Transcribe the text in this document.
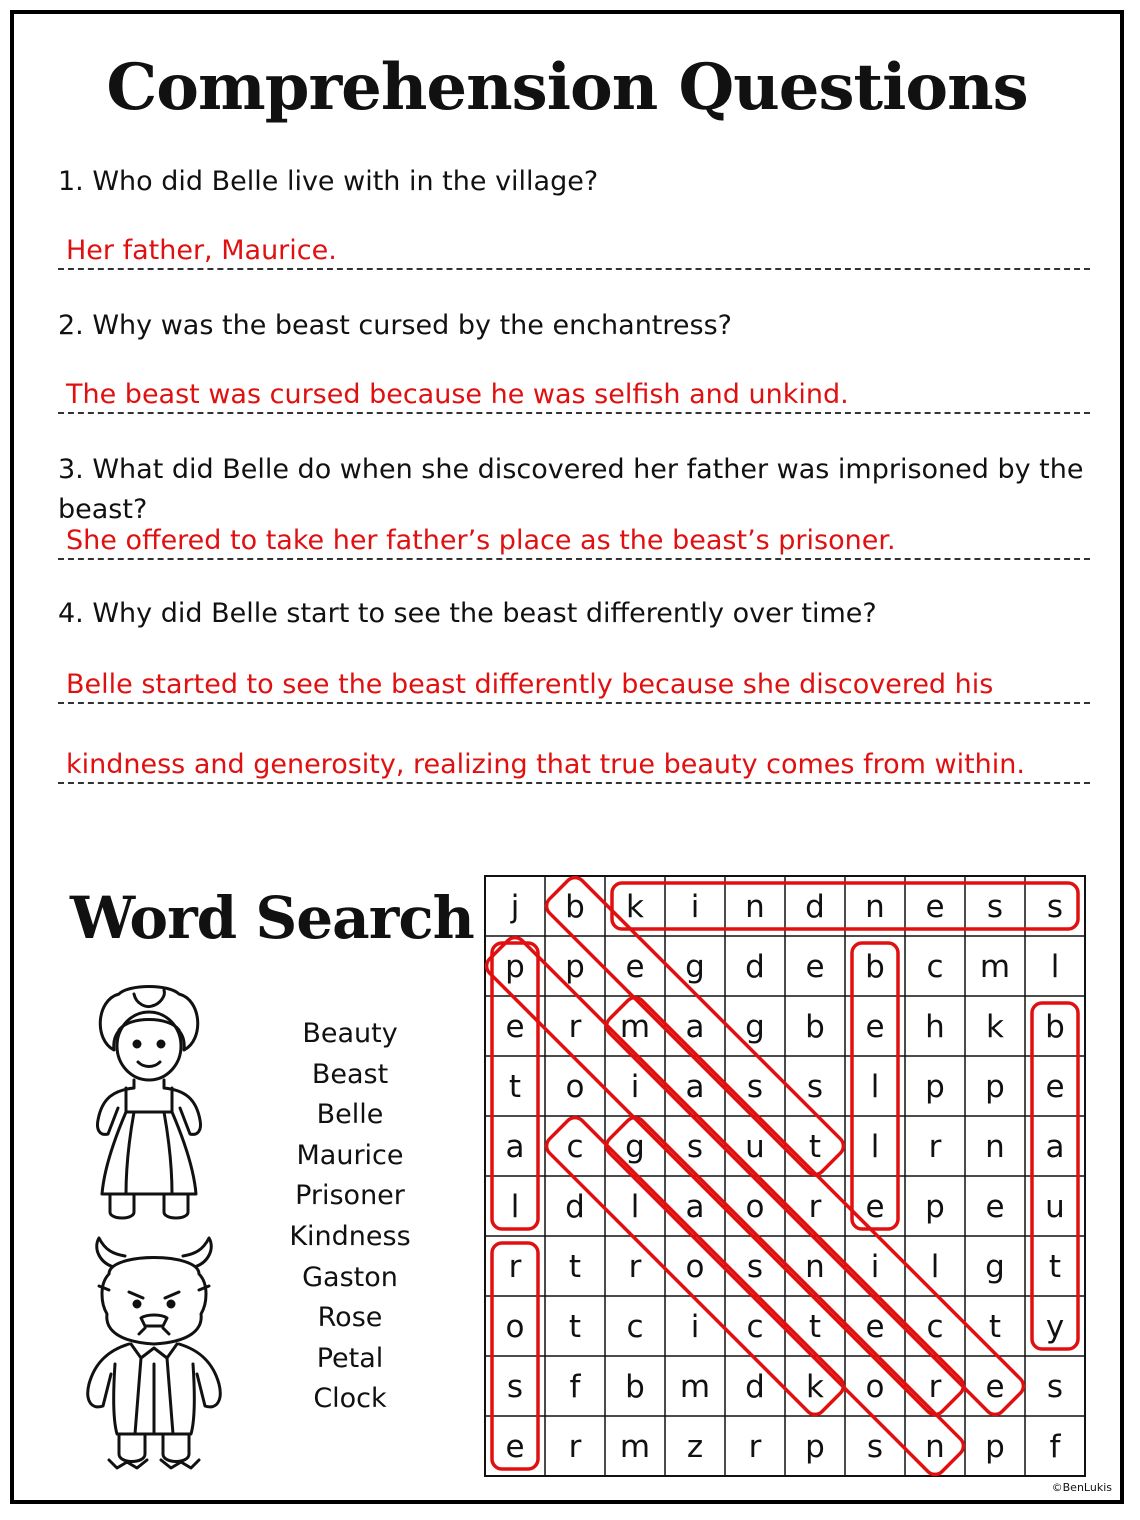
Comprehension Questions
1. Who did Belle live with in the village?
Her father, Maurice.
2. Why was the beast cursed by the enchantress?
The beast was cursed because he was selfish and unkind.
3. What did Belle do when she discovered her father was imprisoned by the beast?
She offered to take her father’s place as the beast’s prisoner.
4. Why did Belle start to see the beast differently over time?
Belle started to see the beast differently because she discovered his
kindness and generosity, realizing that true beauty comes from within.
Word Search
Beauty
Beast
Belle
Maurice
Prisoner
Kindness
Gaston
Rose
Petal
Clock
©BenLukis
j b k i n d n e s s
p p e g d e b c m l
e r m a g b e h k b
t o i a s s l p p e
a c g s u t l r n a
l d l a o r e p e u
r t r o s n i l g t
o t c i c t e c t y
s f b m d k o r e s
e r m z r p s n p f
